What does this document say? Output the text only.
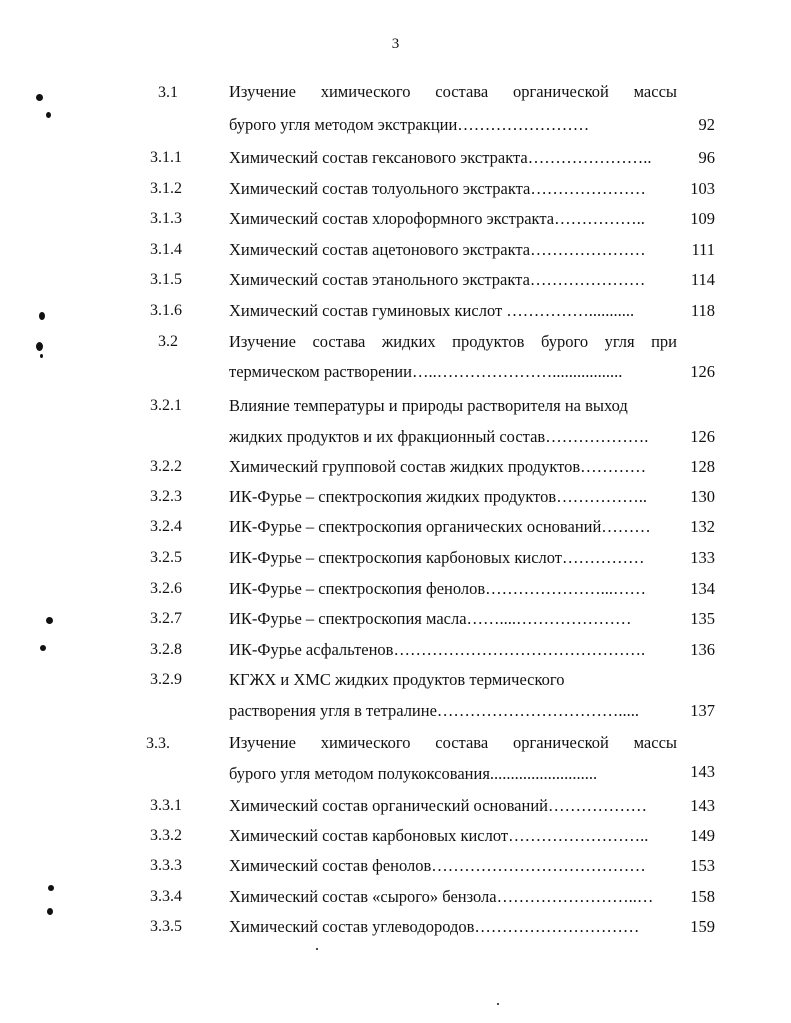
3
3.1	Изучение химического состава органической массы
бурого угля методом экстракции……………………	92
3.1.1	Химический состав гексанового экстракта…………………..	96
3.1.2	Химический состав толуольного экстракта…………………	103
3.1.3	Химический состав хлороформного экстракта……………..	109
3.1.4	Химический состав ацетонового экстракта…………………	111
3.1.5	Химический состав этанольного экстракта…………………	114
3.1.6	Химический состав гуминовых кислот ……………...........	118
3.2	Изучение состава жидких продуктов бурого угля при
термическом растворении…..………………….................	126
3.2.1	Влияние температуры и природы растворителя на выход
жидких продуктов и их фракционный состав……………….	126
3.2.2	Химический групповой состав жидких продуктов…………	128
3.2.3	ИК-Фурье – спектроскопия жидких продуктов……………..	130
3.2.4	ИК-Фурье – спектроскопия органических оснований………	132
3.2.5	ИК-Фурье – спектроскопия карбоновых кислот……………	133
3.2.6	ИК-Фурье – спектроскопия фенолов…………………...……	134
3.2.7	ИК-Фурье – спектроскопия масла……....…………………	135
3.2.8	ИК-Фурье асфальтенов……………………………………….	136
3.2.9	КГЖХ и ХМС жидких продуктов термического
растворения угля в тетралине…………………………….....	137
3.3.	Изучение химического состава органической массы
бурого угля методом полукоксования..........................	143
3.3.1	Химический состав органический оснований………………	143
3.3.2	Химический состав карбоновых кислот……………………..	149
3.3.3	Химический состав фенолов…………………………………	153
3.3.4	Химический состав «сырого» бензола……………………..…	158
3.3.5	Химический состав углеводородов…………………………	159
